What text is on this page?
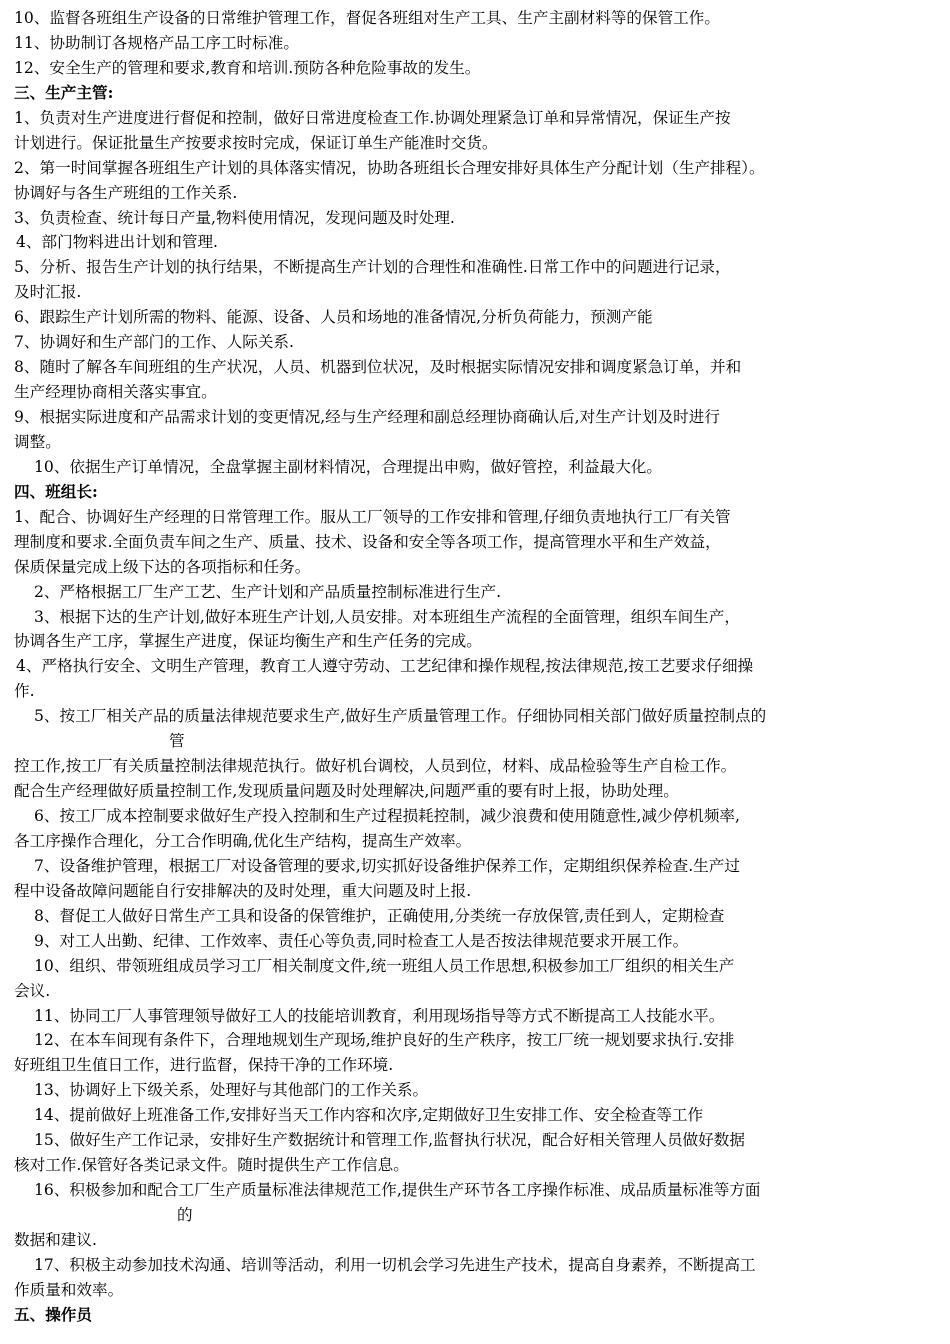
10、监督各班组生产设备的日常维护管理工作，督促各班组对生产工具、生产主副材料等的保管工作。
11、协助制订各规格产品工序工时标准。
12、安全生产的管理和要求,教育和培训.预防各种危险事故的发生。
三、生产主管:
1、负责对生产进度进行督促和控制，做好日常进度检查工作.协调处理紧急订单和异常情况，保证生产按
计划进行。保证批量生产按要求按时完成，保证订单生产能准时交货。
2、第一时间掌握各班组生产计划的具体落实情况，协助各班组长合理安排好具体生产分配计划（生产排程）。
协调好与各生产班组的工作关系.
3、负责检查、统计每日产量,物料使用情况，发现问题及时处理.
4、部门物料进出计划和管理.
5、分析、报告生产计划的执行结果，不断提高生产计划的合理性和准确性.日常工作中的问题进行记录，
及时汇报.
6、跟踪生产计划所需的物料、能源、设备、人员和场地的准备情况,分析负荷能力，预测产能
7、协调好和生产部门的工作、人际关系.
8、随时了解各车间班组的生产状况，人员、机器到位状况，及时根据实际情况安排和调度紧急订单，并和
生产经理协商相关落实事宜。
9、根据实际进度和产品需求计划的变更情况,经与生产经理和副总经理协商确认后,对生产计划及时进行
调整。
10、依据生产订单情况，全盘掌握主副材料情况，合理提出申购，做好管控，利益最大化。
四、班组长:
1、配合、协调好生产经理的日常管理工作。服从工厂领导的工作安排和管理,仔细负责地执行工厂有关管
理制度和要求.全面负责车间之生产、质量、技术、设备和安全等各项工作，提高管理水平和生产效益，
保质保量完成上级下达的各项指标和任务。
2、严格根据工厂生产工艺、生产计划和产品质量控制标准进行生产.
3、根据下达的生产计划,做好本班生产计划,人员安排。对本班组生产流程的全面管理，组织车间生产，
协调各生产工序，掌握生产进度，保证均衡生产和生产任务的完成。
4、严格执行安全、文明生产管理，教育工人遵守劳动、工艺纪律和操作规程,按法律规范,按工艺要求仔细操
作.
5、按工厂相关产品的质量法律规范要求生产,做好生产质量管理工作。仔细协同相关部门做好质量控制点的
管
控工作,按工厂有关质量控制法律规范执行。做好机台调校，人员到位，材料、成品检验等生产自检工作。
配合生产经理做好质量控制工作,发现质量问题及时处理解决,问题严重的要有时上报，协助处理。
6、按工厂成本控制要求做好生产投入控制和生产过程损耗控制，减少浪费和使用随意性,减少停机频率,
各工序操作合理化，分工合作明确,优化生产结构，提高生产效率。
7、设备维护管理，根据工厂对设备管理的要求,切实抓好设备维护保养工作，定期组织保养检查.生产过
程中设备故障问题能自行安排解决的及时处理，重大问题及时上报.
8、督促工人做好日常生产工具和设备的保管维护，正确使用,分类统一存放保管,责任到人，定期检查
9、对工人出勤、纪律、工作效率、责任心等负责,同时检查工人是否按法律规范要求开展工作。
10、组织、带领班组成员学习工厂相关制度文件,统一班组人员工作思想,积极参加工厂组织的相关生产
会议.
11、协同工厂人事管理领导做好工人的技能培训教育，利用现场指导等方式不断提高工人技能水平。
12、在本车间现有条件下，合理地规划生产现场,维护良好的生产秩序，按工厂统一规划要求执行.安排
好班组卫生值日工作，进行监督，保持干净的工作环境.
13、协调好上下级关系，处理好与其他部门的工作关系。
14、提前做好上班准备工作,安排好当天工作内容和次序,定期做好卫生安排工作、安全检查等工作
15、做好生产工作记录，安排好生产数据统计和管理工作,监督执行状况，配合好相关管理人员做好数据
核对工作.保管好各类记录文件。随时提供生产工作信息。
16、积极参加和配合工厂生产质量标准法律规范工作,提供生产环节各工序操作标准、成品质量标准等方面
的
数据和建议.
17、积极主动参加技术沟通、培训等活动，利用一切机会学习先进生产技术，提高自身素养，不断提高工
作质量和效率。
五、操作员
